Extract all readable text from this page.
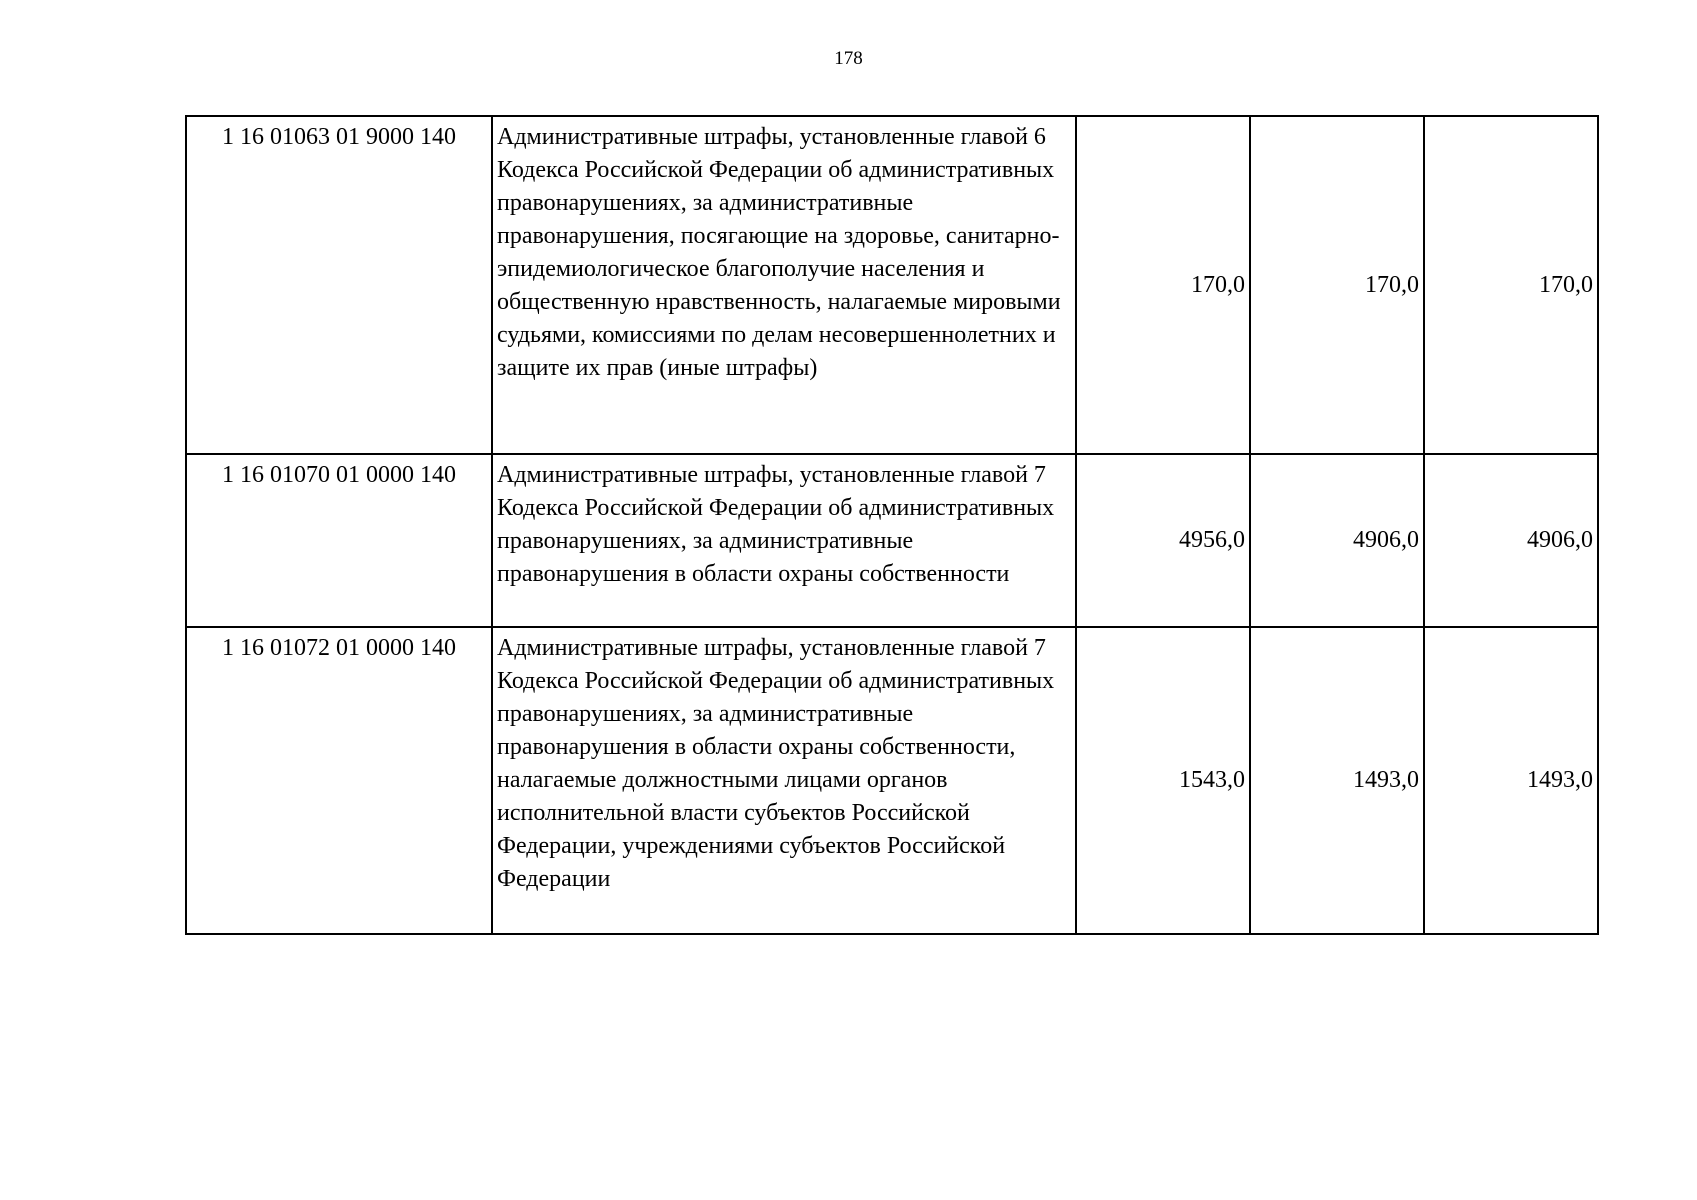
178
1 16 01063 01 9000 140	Административные штрафы, установленные главой 6 Кодекса Российской Федерации об административных правонарушениях, за административные правонарушения, посягающие на здоровье, санитарно-эпидемиологическое благополучие населения и общественную нравственность, налагаемые мировыми судьями, комиссиями по делам несовершеннолетних и защите их прав (иные штрафы)	170,0	170,0	170,0
1 16 01070 01 0000 140	Административные штрафы, установленные главой 7 Кодекса Российской Федерации об административных правонарушениях, за административные правонарушения в области охраны собственности	4956,0	4906,0	4906,0
1 16 01072 01 0000 140	Административные штрафы, установленные главой 7 Кодекса Российской Федерации об административных правонарушениях, за административные правонарушения в области охраны собственности, налагаемые должностными лицами органов исполнительной власти субъектов Российской Федерации, учреждениями субъектов Российской Федерации	1543,0	1493,0	1493,0
